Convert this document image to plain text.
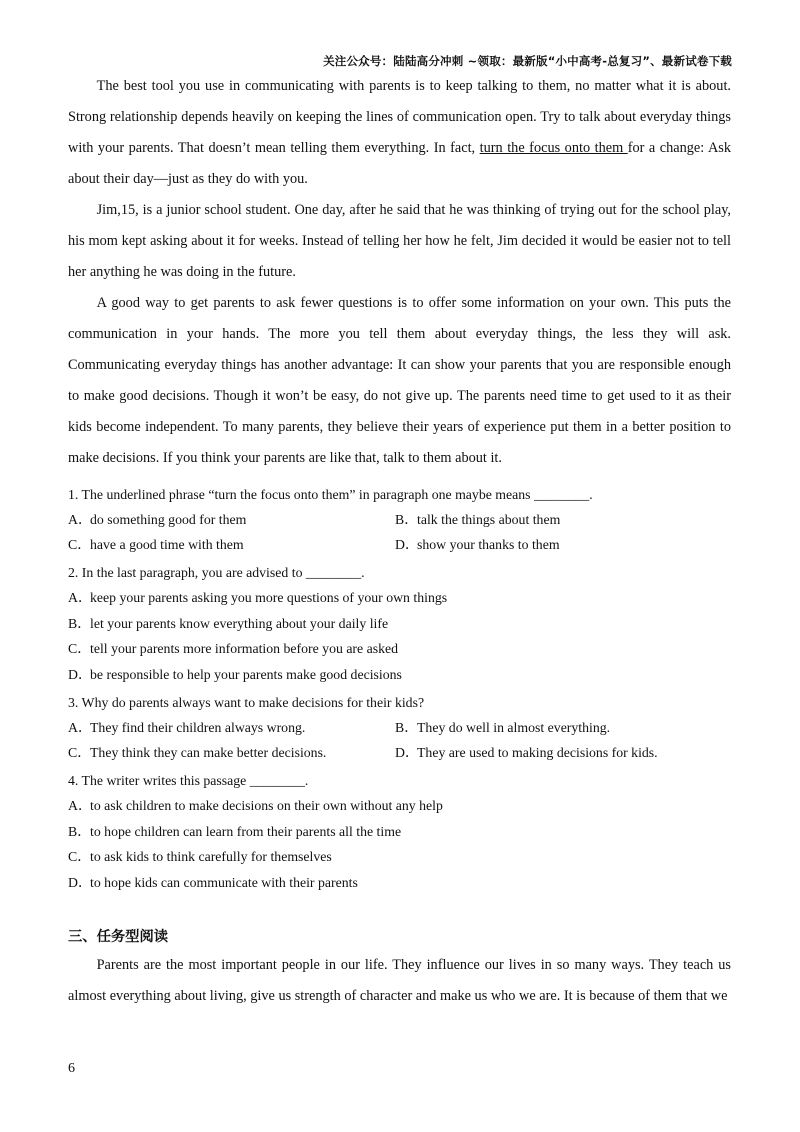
关注公众号：陆陆高分冲刺 ~领取：最新版“小中高考-总复习”、最新试卷下载

The best tool you use in communicating with parents is to keep talking to them, no matter what it is about. Strong relationship depends heavily on keeping the lines of communication open. Try to talk about everyday things with your parents. That doesn’t mean telling them everything. In fact, turn the focus onto them for a change: Ask about their day—just as they do with you.

Jim,15, is a junior school student. One day, after he said that he was thinking of trying out for the school play, his mom kept asking about it for weeks. Instead of telling her how he felt, Jim decided it would be easier not to tell her anything he was doing in the future.

A good way to get parents to ask fewer questions is to offer some information on your own. This puts the communication in your hands. The more you tell them about everyday things, the less they will ask. Communicating everyday things has another advantage: It can show your parents that you are responsible enough to make good decisions. Though it won’t be easy, do not give up. The parents need time to get used to it as their kids become independent. To many parents, they believe their years of experience put them in a better position to make decisions. If you think your parents are like that, talk to them about it.

1. The underlined phrase “turn the focus onto them” in paragraph one maybe means ________.

A．do something good for them	B．talk the things about them
C．have a good time with them	D．show your thanks to them

2. In the last paragraph, you are advised to ________.

A．keep your parents asking you more questions of your own things
B．let your parents know everything about your daily life
C．tell your parents more information before you are asked
D．be responsible to help your parents make good decisions

3. Why do parents always want to make decisions for their kids?

A．They find their children always wrong.	B．They do well in almost everything.
C．They think they can make better decisions.	D．They are used to making decisions for kids.

4. The writer writes this passage ________.

A．to ask children to make decisions on their own without any help
B．to hope children can learn from their parents all the time
C．to ask kids to think carefully for themselves
D．to hope kids can communicate with their parents
三、任务型阅读

Parents are the most important people in our life. They influence our lives in so many ways. They teach us almost everything about living, give us strength of character and make us who we are. It is because of them that we

6
